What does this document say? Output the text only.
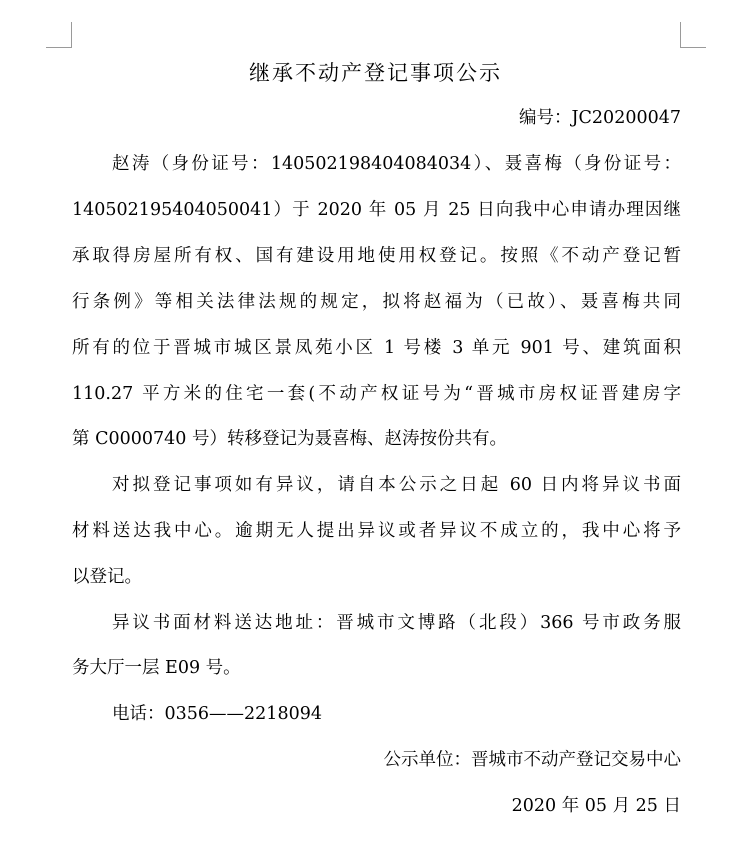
继承不动产登记事项公示
编号：JC20200047
赵涛（身份证号：140502198404084034）、聂喜梅（身份证号：
140502195404050041）于 2020 年 05 月 25 日向我中心申请办理因继
承取得房屋所有权、国有建设用地使用权登记。按照《不动产登记暂
行条例》等相关法律法规的规定，拟将赵福为（已故）、聂喜梅共同
所有的位于晋城市城区景凤苑小区 1 号楼 3 单元 901 号、建筑面积
110.27 平方米的住宅一套(不动产权证号为“晋城市房权证晋建房字
第 C0000740 号）转移登记为聂喜梅、赵涛按份共有。
对拟登记事项如有异议，请自本公示之日起 60 日内将异议书面
材料送达我中心。逾期无人提出异议或者异议不成立的，我中心将予
以登记。
异议书面材料送达地址：晋城市文博路（北段）366 号市政务服
务大厅一层 E09 号。
电话：0356——2218094
公示单位：晋城市不动产登记交易中心
2020 年 05 月 25 日
